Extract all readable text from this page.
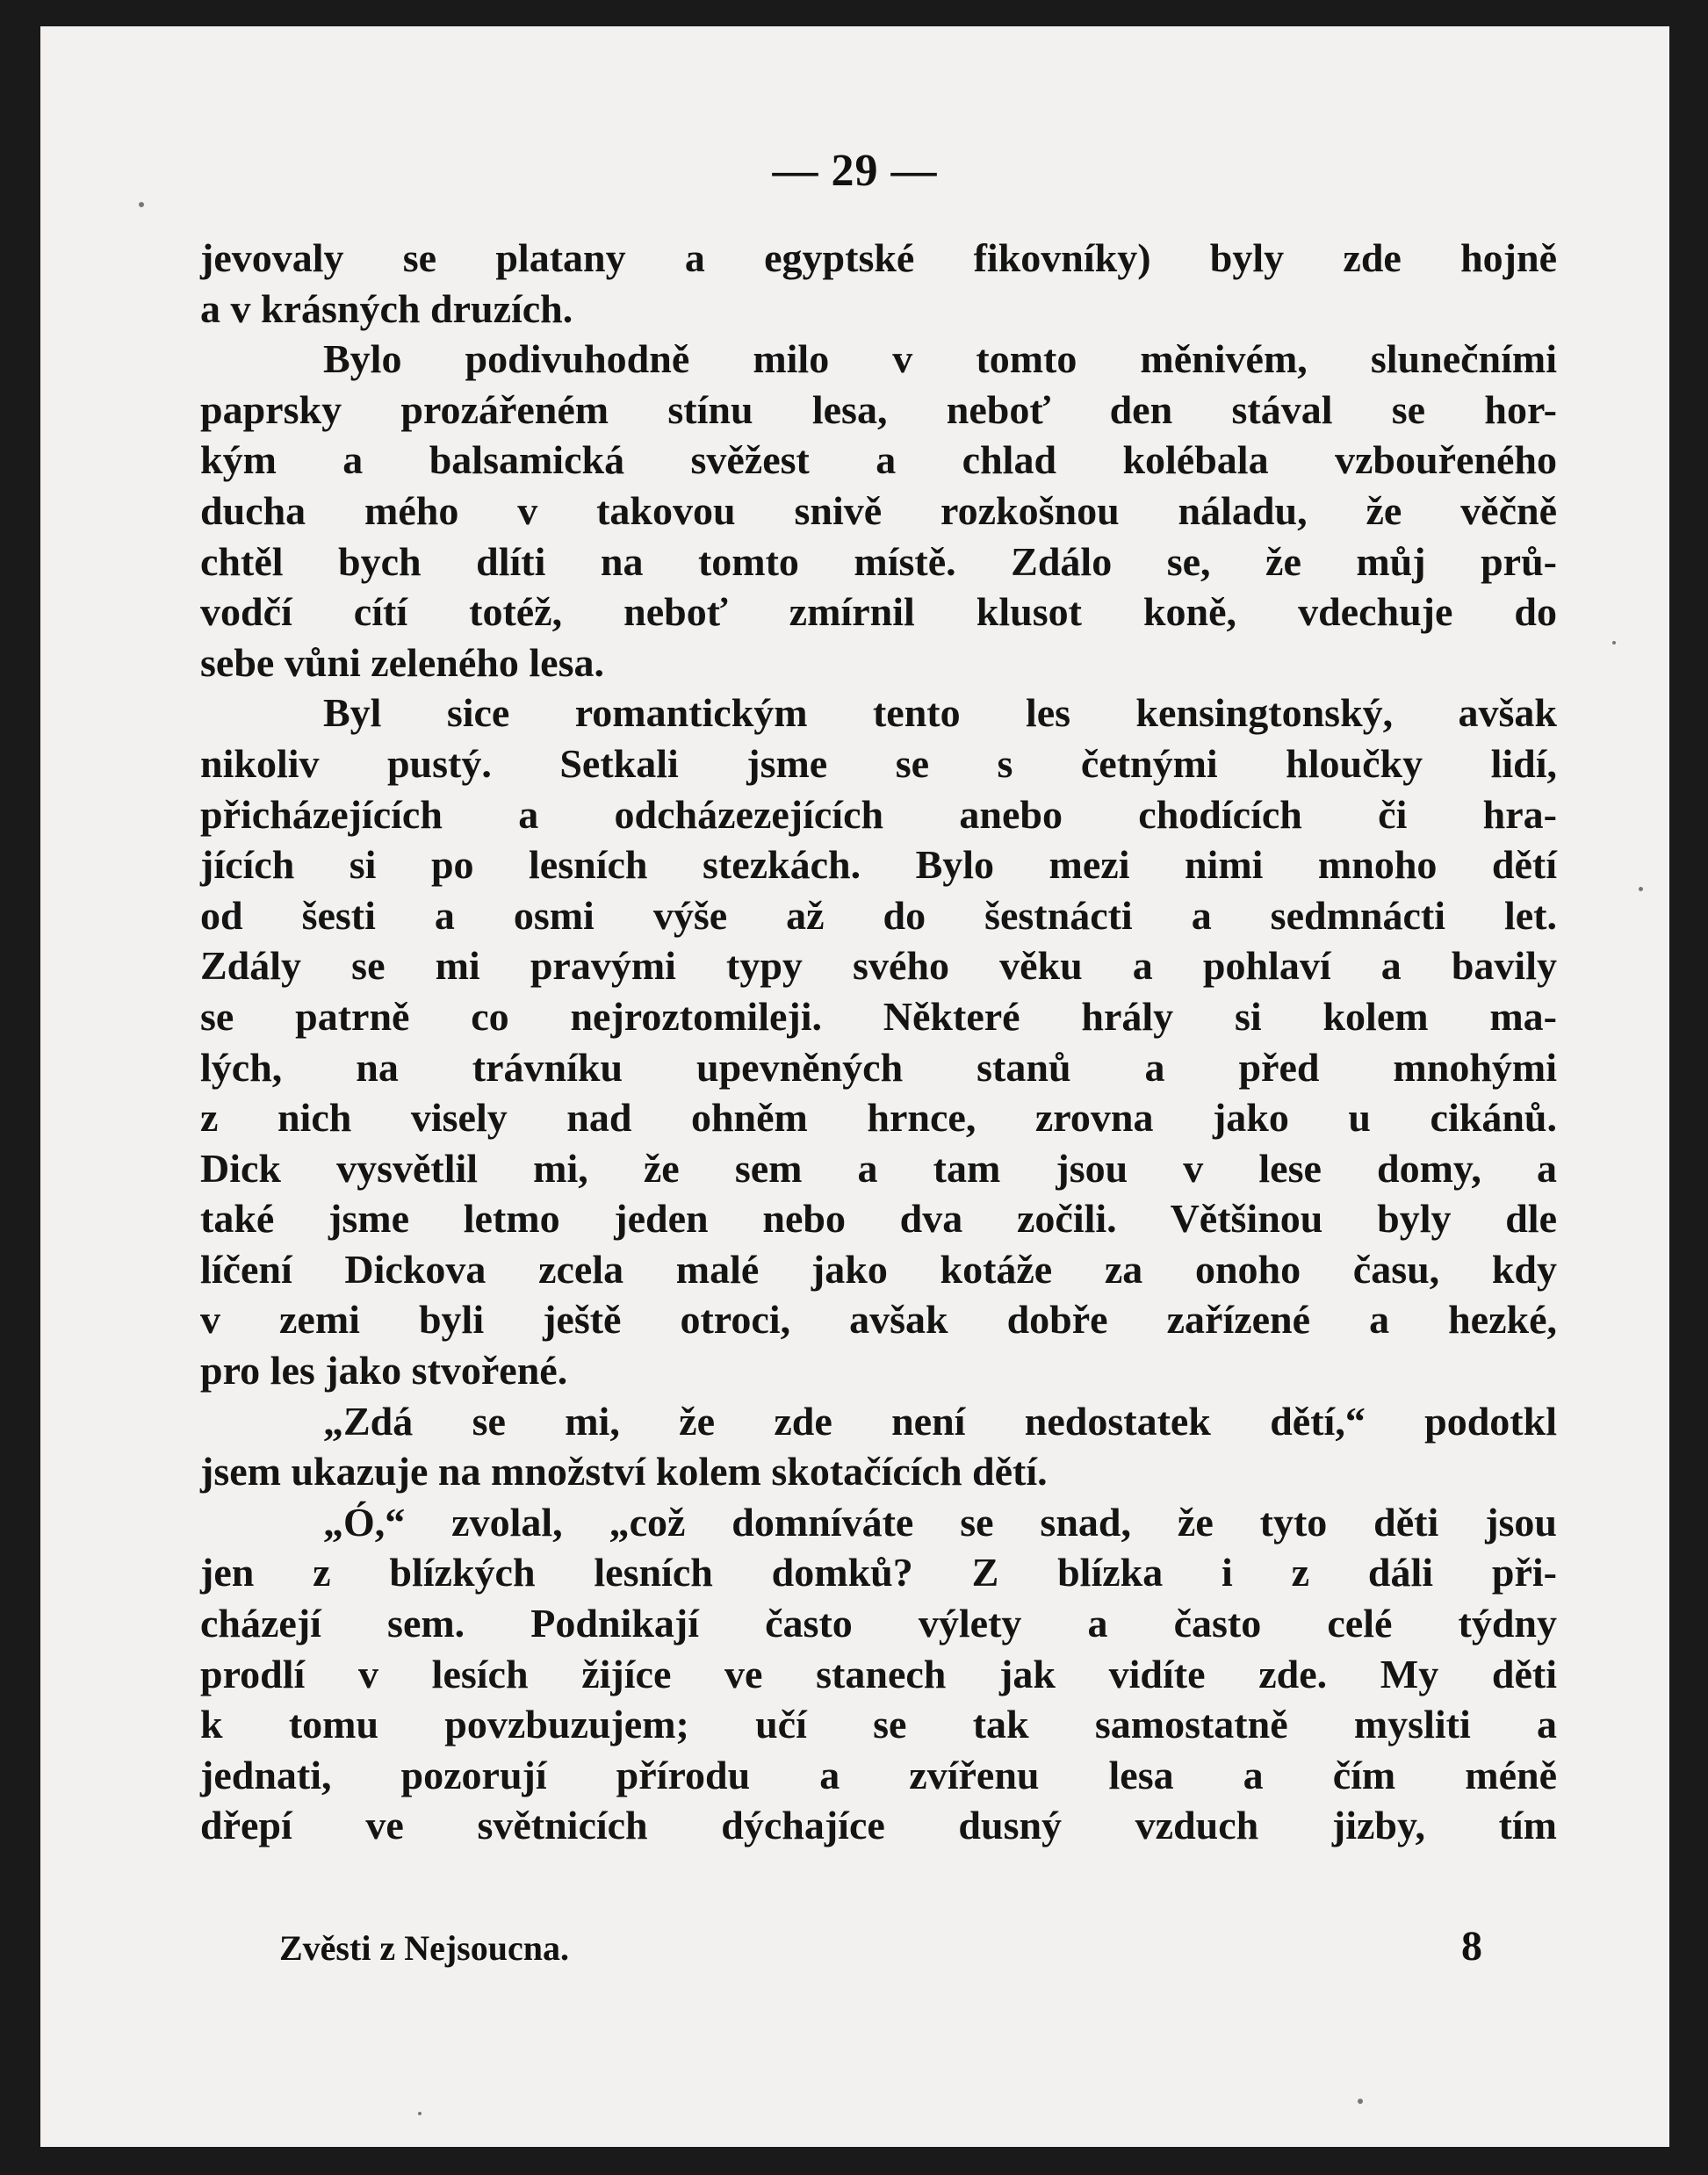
— 29 —
jevovaly se platany a egyptské fikovníky) byly zde hojně
a v krásných druzích.
Bylo podivuhodně milo v tomto měnivém, slunečními
paprsky prozářeném stínu lesa, neboť den stával se hor-
kým a balsamická svěžest a chlad kolébala vzbouřeného
ducha mého v takovou snivě rozkošnou náladu, že věčně
chtěl bych dlíti na tomto místě. Zdálo se, že můj prů-
vodčí cítí totéž, neboť zmírnil klusot koně, vdechuje do
sebe vůni zeleného lesa.
Byl sice romantickým tento les kensingtonský, avšak
nikoliv pustý. Setkali jsme se s četnými hloučky lidí,
přicházejících a odcházezejících anebo chodících či hra-
jících si po lesních stezkách. Bylo mezi nimi mnoho dětí
od šesti a osmi výše až do šestnácti a sedmnácti let.
Zdály se mi pravými typy svého věku a pohlaví a bavily
se patrně co nejroztomileji. Některé hrály si kolem ma-
lých, na trávníku upevněných stanů a před mnohými
z nich visely nad ohněm hrnce, zrovna jako u cikánů.
Dick vysvětlil mi, že sem a tam jsou v lese domy, a
také jsme letmo jeden nebo dva zočili. Většinou byly dle
líčení Dickova zcela malé jako kotáže za onoho času, kdy
v zemi byli ještě otroci, avšak dobře zařízené a hezké,
pro les jako stvořené.
„Zdá se mi, že zde není nedostatek dětí,“ podotkl
jsem ukazuje na množství kolem skotačících dětí.
„Ó,“ zvolal, „což domníváte se snad, že tyto děti jsou
jen z blízkých lesních domků? Z blízka i z dáli při-
cházejí sem. Podnikají často výlety a často celé týdny
prodlí v lesích žijíce ve stanech jak vidíte zde. My děti
k tomu povzbuzujem; učí se tak samostatně mysliti a
jednati, pozorují přírodu a zvířenu lesa a čím méně
dřepí ve světnicích dýchajíce dusný vzduch jizby, tím
Zvěsti z Nejsoucna.	8
